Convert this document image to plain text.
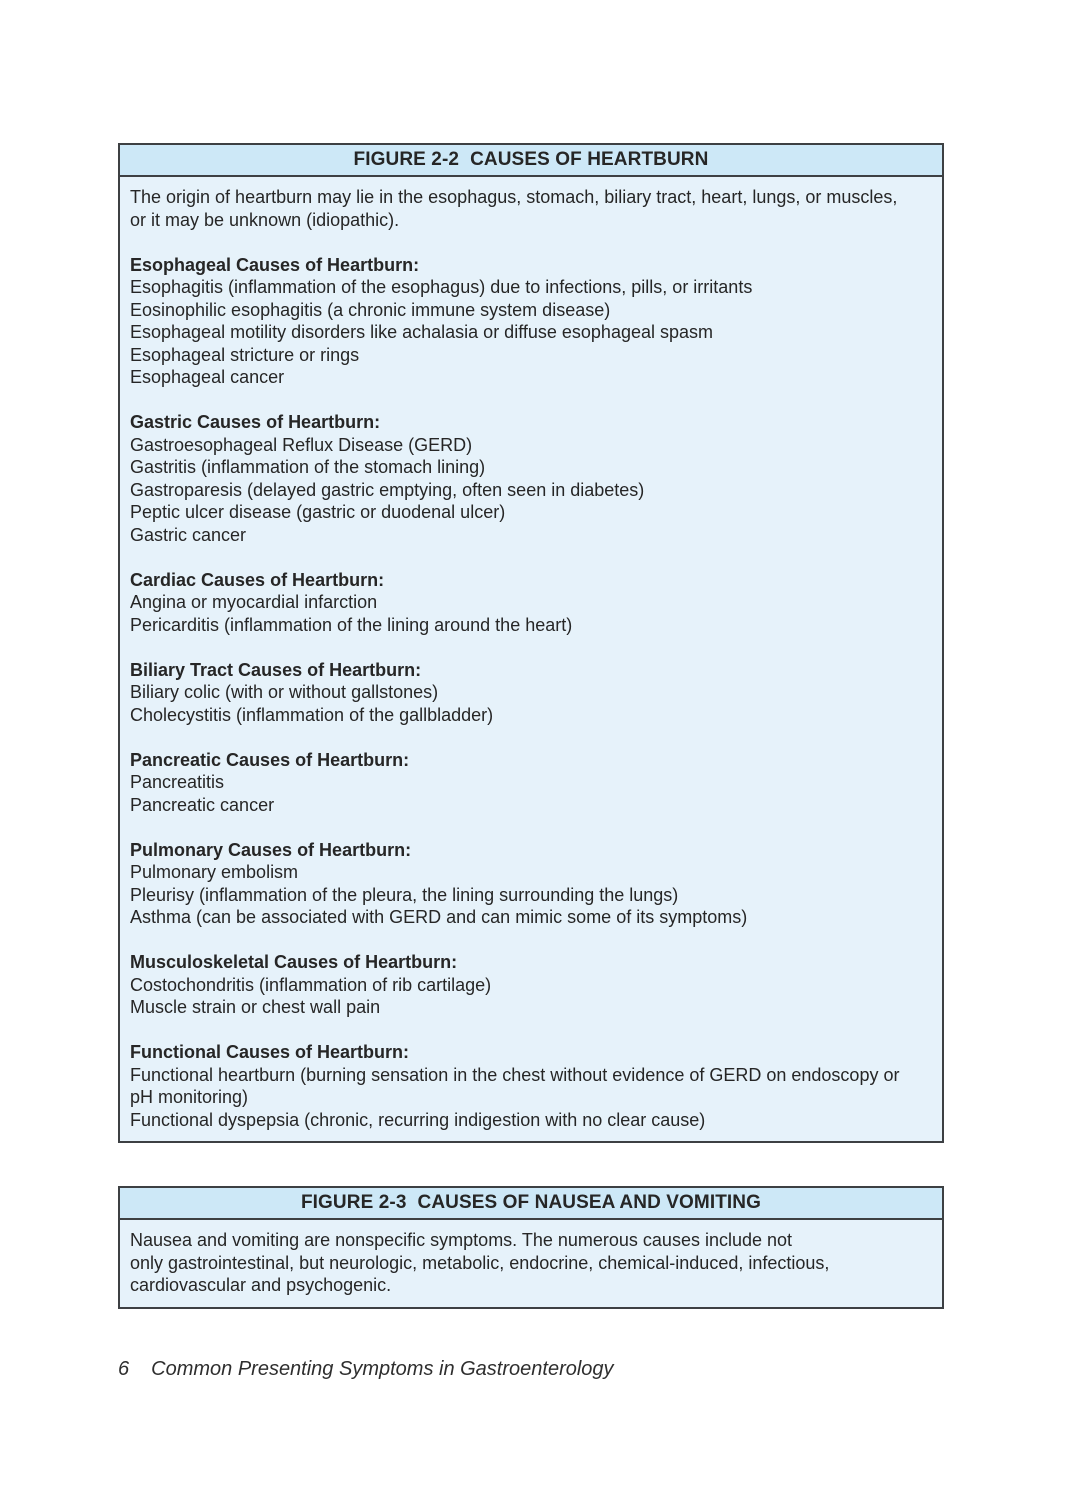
FIGURE 2-2 CAUSES OF HEARTBURN

The origin of heartburn may lie in the esophagus, stomach, biliary tract, heart, lungs, or muscles,

or it may be unknown (idiopathic).

Esophageal Causes of Heartburn:

Esophagitis (inflammation of the esophagus) due to infections, pills, or irritants

Eosinophilic esophagitis (a chronic immune system disease)

Esophageal motility disorders like achalasia or diffuse esophageal spasm

Esophageal stricture or rings

Esophageal cancer

Gastric Causes of Heartburn:

Gastroesophageal Reflux Disease (GERD)

Gastritis (inflammation of the stomach lining)

Gastroparesis (delayed gastric emptying, often seen in diabetes)

Peptic ulcer disease (gastric or duodenal ulcer)

Gastric cancer

Cardiac Causes of Heartburn:

Angina or myocardial infarction

Pericarditis (inflammation of the lining around the heart)

Biliary Tract Causes of Heartburn:

Biliary colic (with or without gallstones)

Cholecystitis (inflammation of the gallbladder)

Pancreatic Causes of Heartburn:

Pancreatitis

Pancreatic cancer

Pulmonary Causes of Heartburn:

Pulmonary embolism

Pleurisy (inflammation of the pleura, the lining surrounding the lungs)

Asthma (can be associated with GERD and can mimic some of its symptoms)

Musculoskeletal Causes of Heartburn:

Costochondritis (inflammation of rib cartilage)

Muscle strain or chest wall pain

Functional Causes of Heartburn:

Functional heartburn (burning sensation in the chest without evidence of GERD on endoscopy or pH monitoring)

Functional dyspepsia (chronic, recurring indigestion with no clear cause)

FIGURE 2-3 CAUSES OF NAUSEA AND VOMITING

Nausea and vomiting are nonspecific symptoms. The numerous causes include not

only gastrointestinal, but neurologic, metabolic, endocrine, chemical-induced, infectious,

cardiovascular and psychogenic.

6 Common Presenting Symptoms in Gastroenterology
